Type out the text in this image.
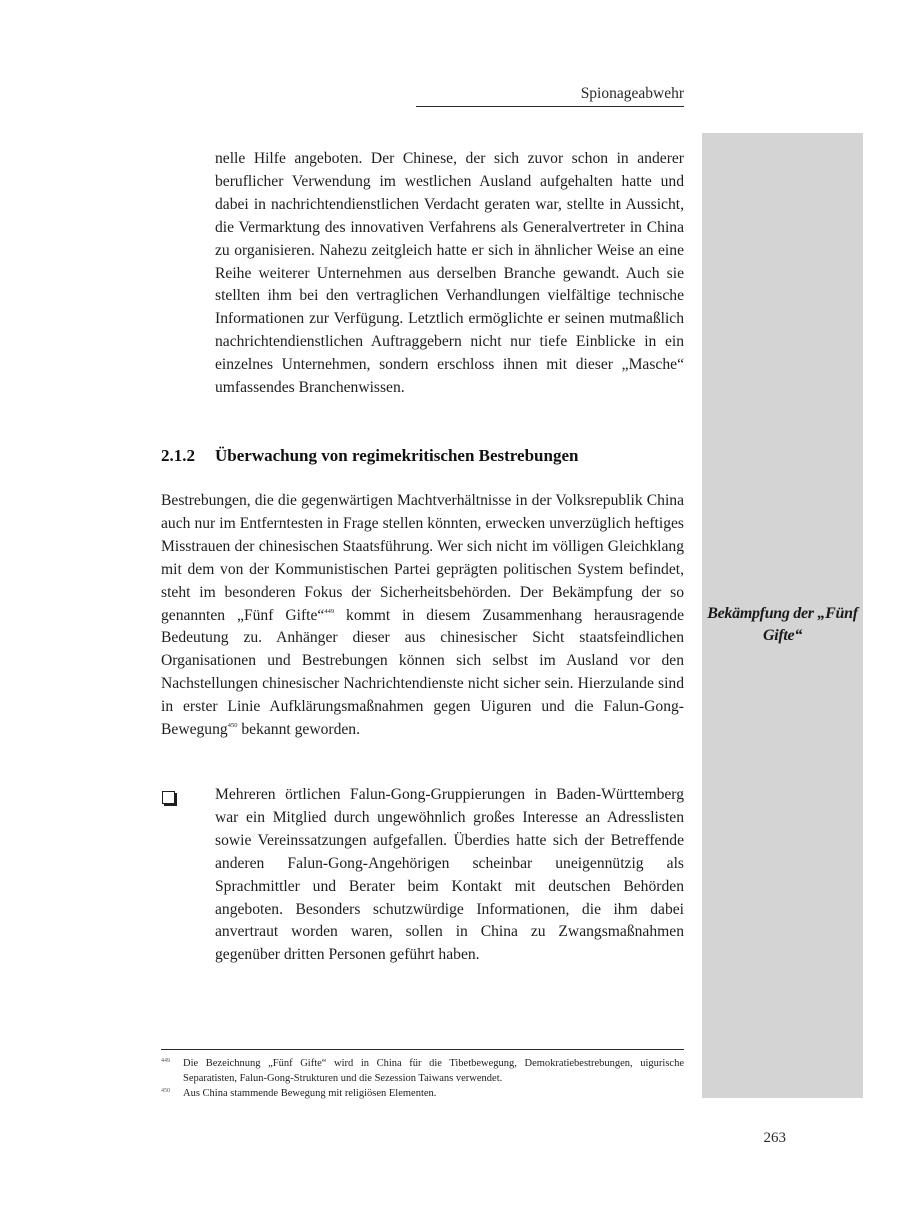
Spionageabwehr
Bekämpfung der „Fünf Gifte“

nelle Hilfe angeboten. Der Chinese, der sich zuvor schon in anderer beruflicher Verwendung im westlichen Ausland aufgehalten hatte und dabei in nachrichtendienstlichen Verdacht geraten war, stellte in Aussicht, die Vermarktung des innovativen Verfahrens als Generalvertreter in China zu organisieren. Nahezu zeitgleich hatte er sich in ähnlicher Weise an eine Reihe weiterer Unternehmen aus derselben Branche gewandt. Auch sie stellten ihm bei den vertraglichen Verhandlungen vielfältige technische Informationen zur Verfügung. Letztlich ermöglichte er seinen mutmaßlich nachrichtendienstlichen Auftraggebern nicht nur tiefe Einblicke in ein einzelnes Unternehmen, sondern erschloss ihnen mit dieser „Masche“ umfassendes Branchenwissen.

2.1.2 Überwachung von regimekritischen Bestrebungen

Bestrebungen, die die gegenwärtigen Machtverhältnisse in der Volksrepublik China auch nur im Entferntesten in Frage stellen könnten, erwecken unverzüglich heftiges Misstrauen der chinesischen Staatsführung. Wer sich nicht im völligen Gleichklang mit dem von der Kommunistischen Partei geprägten politischen System befindet, steht im besonderen Fokus der Sicherheitsbehörden. Der Bekämpfung der so genannten „Fünf Gifte“$^{449}$ kommt in diesem Zusammenhang herausragende Bedeutung zu. Anhänger dieser aus chinesischer Sicht staatsfeindlichen Organisationen und Bestrebungen können sich selbst im Ausland vor den Nachstellungen chinesischer Nachrichtendienste nicht sicher sein. Hierzulande sind in erster Linie Aufklärungsmaßnahmen gegen Uiguren und die Falun-Gong-Bewegung$^{450}$ bekannt geworden.

Mehreren örtlichen Falun-Gong-Gruppierungen in Baden-Württemberg war ein Mitglied durch ungewöhnlich großes Interesse an Adresslisten sowie Vereinssatzungen aufgefallen. Überdies hatte sich der Betreffende anderen Falun-Gong-Angehörigen scheinbar uneigennützig als Sprachmittler und Berater beim Kontakt mit deutschen Behörden angeboten. Besonders schutzwürdige Informationen, die ihm dabei anvertraut worden waren, sollen in China zu Zwangsmaßnahmen gegenüber dritten Personen geführt haben.

449 Die Bezeichnung „Fünf Gifte“ wird in China für die Tibetbewegung, Demokratiebestrebungen, uigurische Separatisten, Falun-Gong-Strukturen und die Sezession Taiwans verwendet.
450 Aus China stammende Bewegung mit religiösen Elementen.
263
